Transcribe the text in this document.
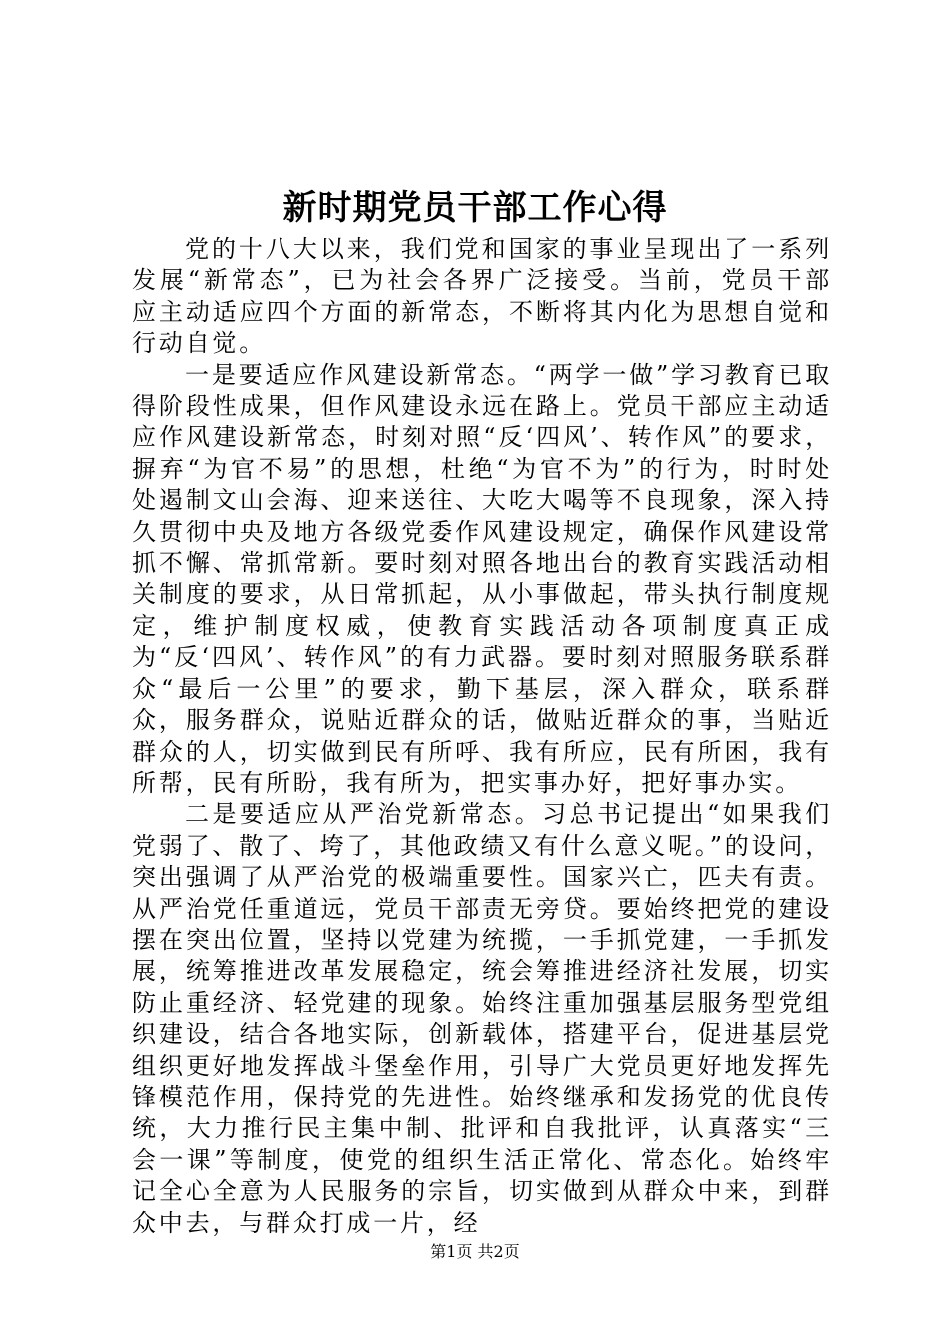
新时期党员干部工作心得

党的十八大以来，我们党和国家的事业呈现出了一系列发展“新常态”，已为社会各界广泛接受。当前，党员干部应主动适应四个方面的新常态，不断将其内化为思想自觉和行动自觉。

一是要适应作风建设新常态。“两学一做”学习教育已取得阶段性成果，但作风建设永远在路上。党员干部应主动适应作风建设新常态，时刻对照“反‘四风’、转作风”的要求，摒弃“为官不易”的思想，杜绝“为官不为”的行为，时时处处遏制文山会海、迎来送往、大吃大喝等不良现象，深入持久贯彻中央及地方各级党委作风建设规定，确保作风建设常抓不懈、常抓常新。要时刻对照各地出台的教育实践活动相关制度的要求，从日常抓起，从小事做起，带头执行制度规定，维护制度权威，使教育实践活动各项制度真正成为“反‘四风’、转作风”的有力武器。要时刻对照服务联系群众“最后一公里”的要求，勤下基层，深入群众，联系群众，服务群众，说贴近群众的话，做贴近群众的事，当贴近群众的人，切实做到民有所呼、我有所应，民有所困，我有所帮，民有所盼，我有所为，把实事办好，把好事办实。

二是要适应从严治党新常态。习总书记提出“如果我们党弱了、散了、垮了，其他政绩又有什么意义呢。”的设问，突出强调了从严治党的极端重要性。国家兴亡，匹夫有责。从严治党任重道远，党员干部责无旁贷。要始终把党的建设摆在突出位置，坚持以党建为统揽，一手抓党建，一手抓发展，统筹推进改革发展稳定，统会筹推进经济社发展，切实防止重经济、轻党建的现象。始终注重加强基层服务型党组织建设，结合各地实际，创新载体，搭建平台，促进基层党组织更好地发挥战斗堡垒作用，引导广大党员更好地发挥先锋模范作用，保持党的先进性。始终继承和发扬党的优良传统，大力推行民主集中制、批评和自我批评，认真落实“三会一课”等制度，使党的组织生活正常化、常态化。始终牢记全心全意为人民服务的宗旨，切实做到从群众中来，到群众中去，与群众打成一片，经

第1页 共2页
